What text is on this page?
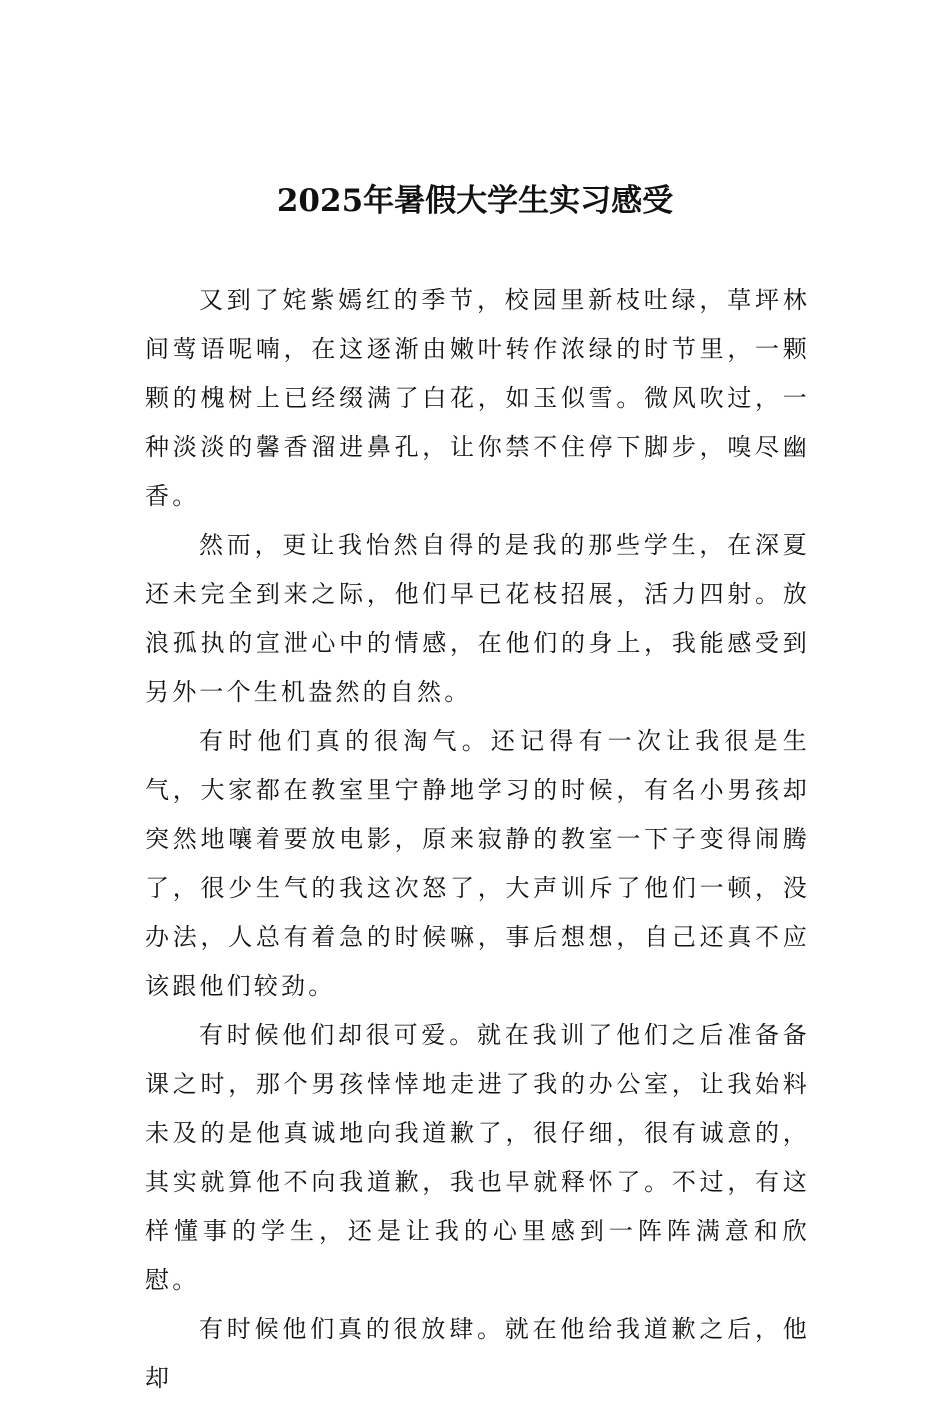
2025年暑假大学生实习感受

又到了姹紫嫣红的季节，校园里新枝吐绿，草坪林间莺语呢喃，在这逐渐由嫩叶转作浓绿的时节里，一颗颗的槐树上已经缀满了白花，如玉似雪。微风吹过，一种淡淡的馨香溜进鼻孔，让你禁不住停下脚步，嗅尽幽香。

然而，更让我怡然自得的是我的那些学生，在深夏还未完全到来之际，他们早已花枝招展，活力四射。放浪孤执的宣泄心中的情感，在他们的身上，我能感受到另外一个生机盎然的自然。

有时他们真的很淘气。还记得有一次让我很是生气，大家都在教室里宁静地学习的时候，有名小男孩却突然地嚷着要放电影，原来寂静的教室一下子变得闹腾了，很少生气的我这次怒了，大声训斥了他们一顿，没办法，人总有着急的时候嘛，事后想想，自己还真不应该跟他们较劲。

有时候他们却很可爱。就在我训了他们之后准备备课之时，那个男孩悻悻地走进了我的办公室，让我始料未及的是他真诚地向我道歉了，很仔细，很有诚意的，其实就算他不向我道歉，我也早就释怀了。不过，有这样懂事的学生，还是让我的心里感到一阵阵满意和欣慰。

有时候他们真的很放肆。就在他给我道歉之后，他却
